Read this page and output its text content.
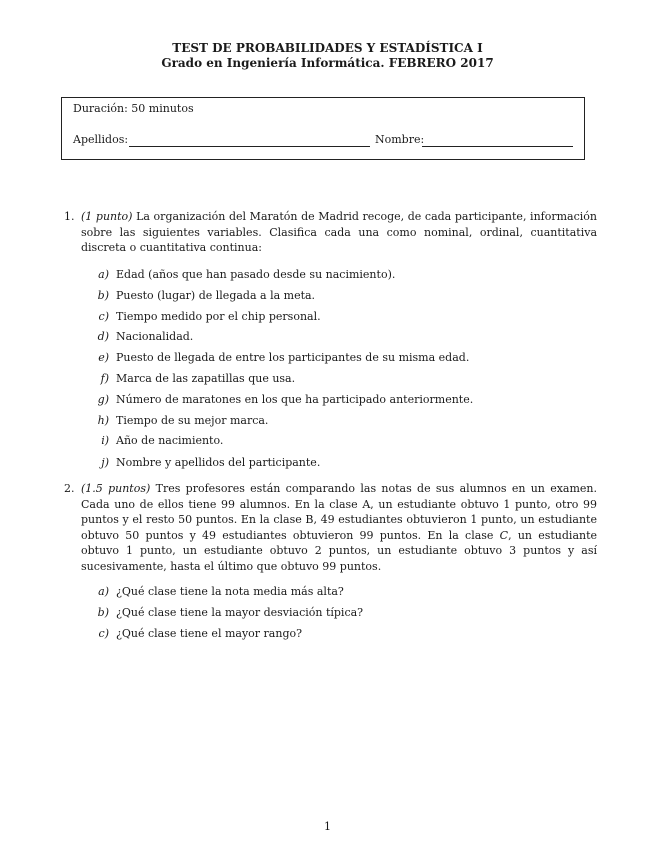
TEST DE PROBABILIDADES Y ESTADÍSTICA I
Grado en Ingeniería Informática. FEBRERO 2017
Duración: 50 minutos
Apellidos:	Nombre:
1. (1 punto) La organización del Maratón de Madrid recoge, de cada participante, información sobre las siguientes variables. Clasifica cada una como nominal, ordinal, cuantitativa discreta o cuantitativa continua:
a) Edad (años que han pasado desde su nacimiento).
b) Puesto (lugar) de llegada a la meta.
c) Tiempo medido por el chip personal.
d) Nacionalidad.
e) Puesto de llegada de entre los participantes de su misma edad.
f) Marca de las zapatillas que usa.
g) Número de maratones en los que ha participado anteriormente.
h) Tiempo de su mejor marca.
i) Año de nacimiento.
j) Nombre y apellidos del participante.
2. (1.5 puntos) Tres profesores están comparando las notas de sus alumnos en un examen. Cada uno de ellos tiene 99 alumnos. En la clase A, un estudiante obtuvo 1 punto, otro 99 puntos y el resto 50 puntos. En la clase B, 49 estudiantes obtuvieron 1 punto, un estudiante obtuvo 50 puntos y 49 estudiantes obtuvieron 99 puntos. En la clase C, un estudiante obtuvo 1 punto, un estudiante obtuvo 2 puntos, un estudiante obtuvo 3 puntos y así sucesivamente, hasta el último que obtuvo 99 puntos.
a) ¿Qué clase tiene la nota media más alta?
b) ¿Qué clase tiene la mayor desviación típica?
c) ¿Qué clase tiene el mayor rango?
1
